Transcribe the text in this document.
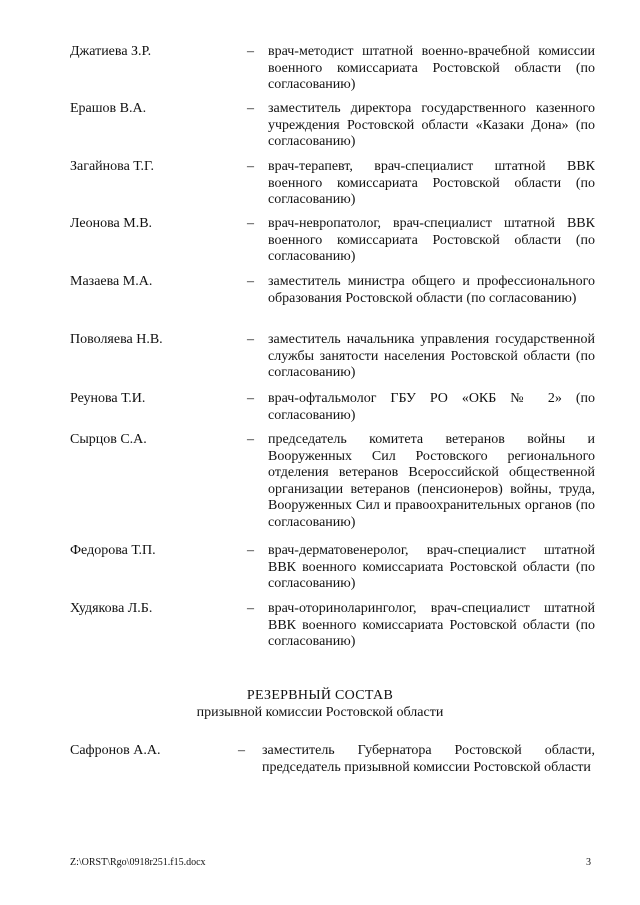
Джатиева З.Р.	– врач-методист штатной военно-врачебной комиссии военного комиссариата Ростовской области (по согласованию)
Ерашов В.А.	– заместитель директора государственного казенного учреждения Ростовской области «Казаки Дона» (по согласованию)
Загайнова Т.Г.	– врач-терапевт, врач-специалист штатной ВВК военного комиссариата Ростовской области (по согласованию)
Леонова М.В.	– врач-невропатолог, врач-специалист штатной ВВК военного комиссариата Ростовской области (по согласованию)
Мазаева М.А.	– заместитель министра общего и профессионального образования Ростовской области (по согласованию)
Поволяева Н.В.	– заместитель начальника управления государственной службы занятости населения Ростовской области (по согласованию)
Реунова Т.И.	– врач-офтальмолог ГБУ РО «ОКБ № 2» (по согласованию)
Сырцов С.А.	– председатель комитета ветеранов войны и Вооруженных Сил Ростовского регионального отделения ветеранов Всероссийской общественной организации ветеранов (пенсионеров) войны, труда, Вооруженных Сил и правоохранительных органов (по согласованию)
Федорова Т.П.	– врач-дерматовенеролог, врач-специалист штатной ВВК военного комиссариата Ростовской области (по согласованию)
Худякова Л.Б.	– врач-оториноларинголог, врач-специалист штатной ВВК военного комиссариата Ростовской области (по согласованию)
РЕЗЕРВНЫЙ СОСТАВ
призывной комиссии Ростовской области
Сафронов А.А.	– заместитель Губернатора Ростовской области, председатель призывной комиссии Ростовской области
Z:\ORST\Rgo\0918r251.f15.docx	3
